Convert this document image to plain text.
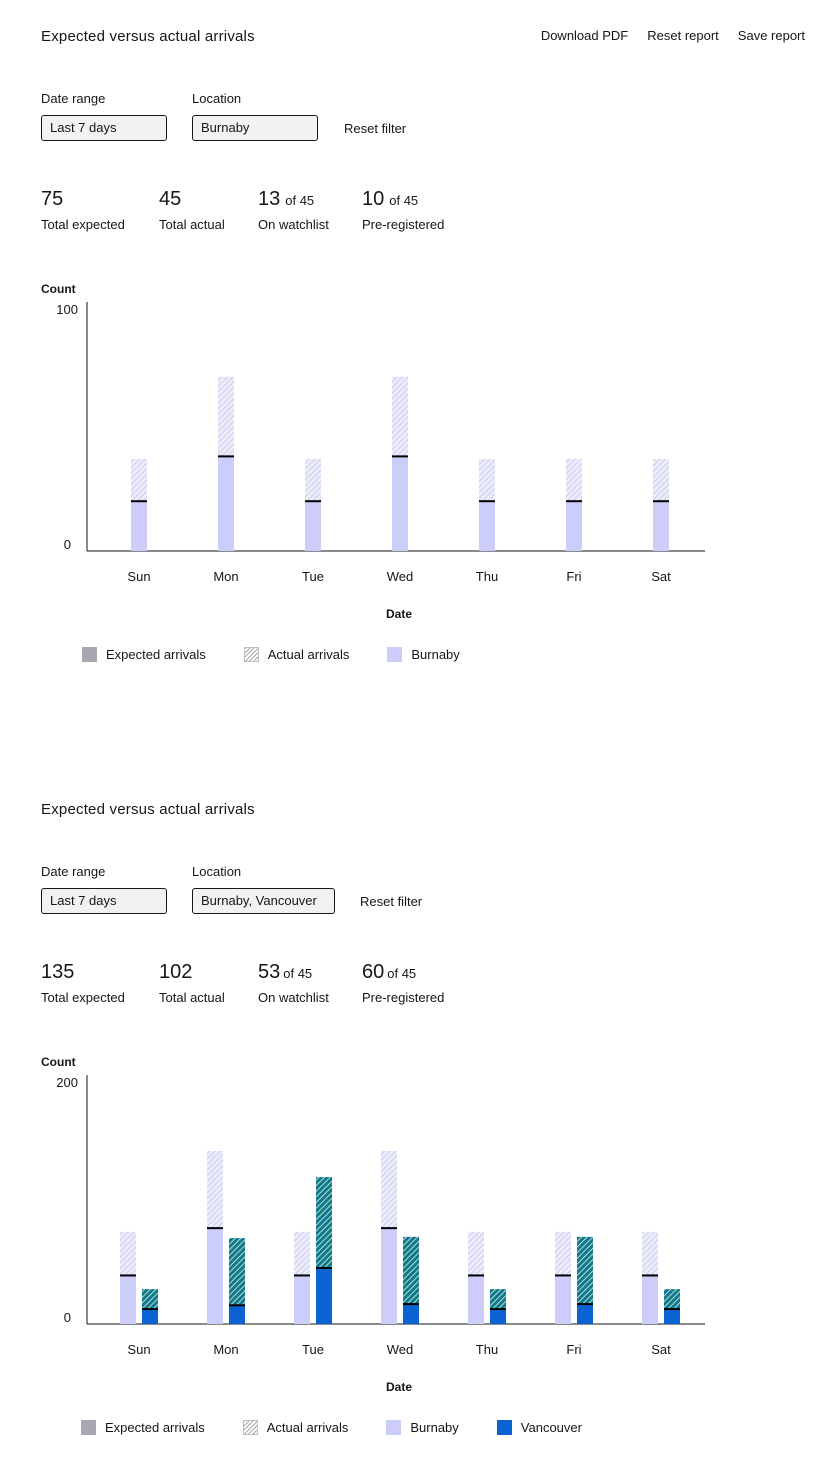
Expected versus actual arrivals	Download PDF Reset report Save report
Date range	Location
Last 7 days	Burnaby	Reset filter
75
Total expected
45
Total actual
13 of 45
On watchlist
10 of 45
Pre-registered
Count
100
0
Sun	Mon	Tue	Wed	Thu	Fri	Sat
Date
Expected arrivals	Actual arrivals	Burnaby
Expected versus actual arrivals
Date range	Location
Last 7 days	Burnaby, Vancouver	Reset filter
135
Total expected
102
Total actual
53 of 45
On watchlist
60 of 45
Pre-registered
Count
200
0
Sun	Mon	Tue	Wed	Thu	Fri	Sat
Date
Expected arrivals	Actual arrivals	Burnaby	Vancouver
